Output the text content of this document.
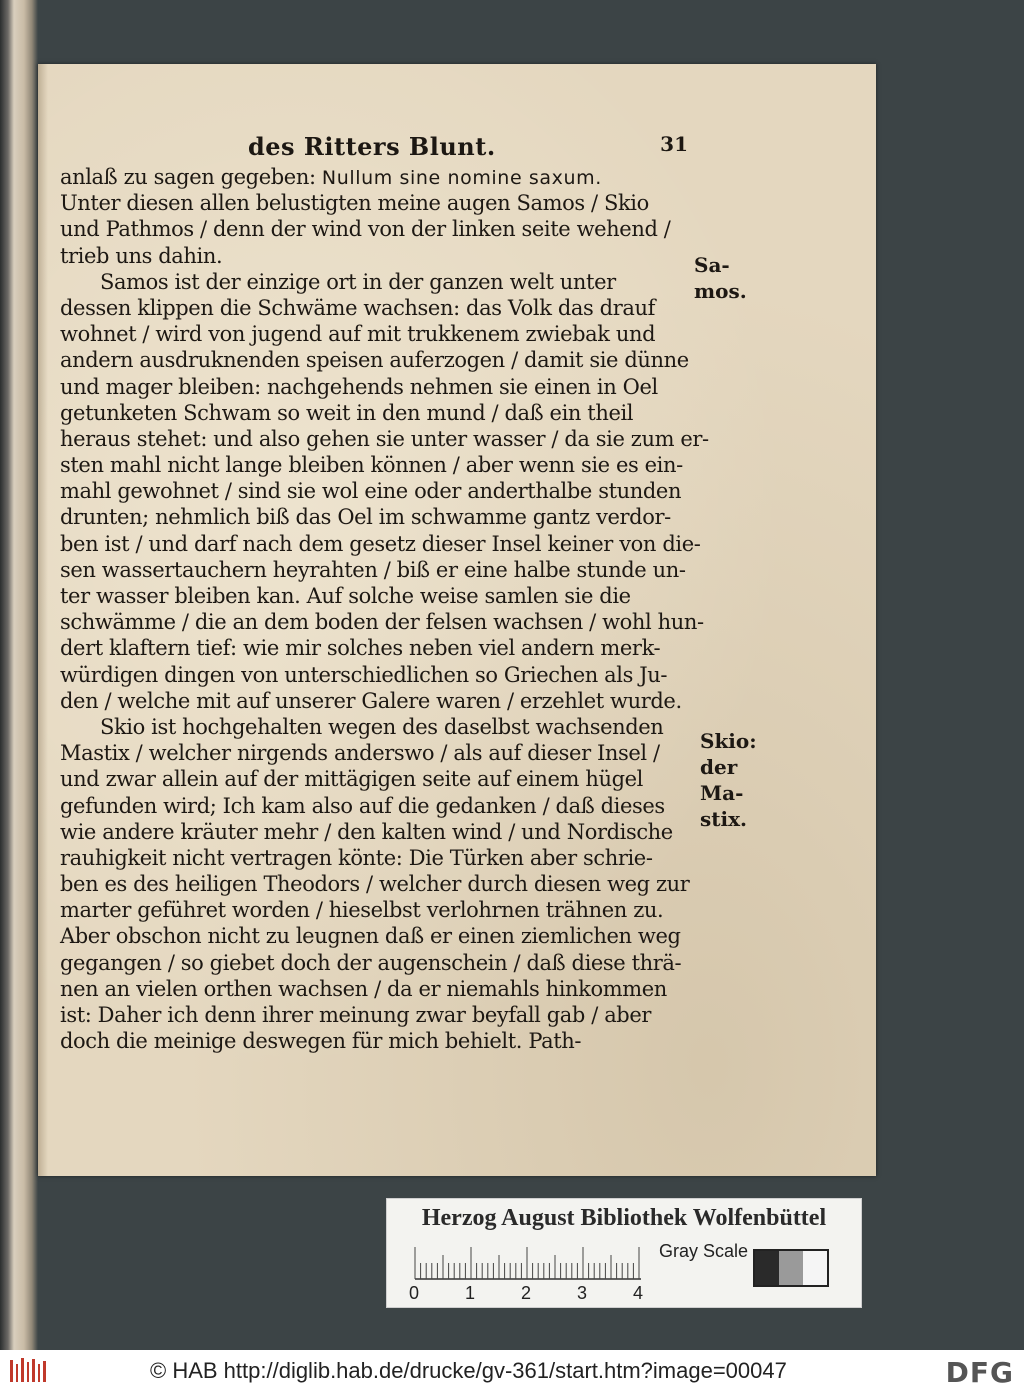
des Ritters Blunt.	31
anlaß zu sagen gegeben: Nullum sine nomine saxum.
Unter diesen allen belustigten meine augen Samos / Skio
und Pathmos / denn der wind von der linken seite wehend /
trieb uns dahin.
Samos ist der einzige ort in der ganzen welt unter
dessen klippen die Schwäme wachsen: das Volk das drauf
wohnet / wird von jugend auf mit trukkenem zwiebak und
andern ausdruknenden speisen auferzogen / damit sie dünne
und mager bleiben: nachgehends nehmen sie einen in Oel
getunketen Schwam so weit in den mund / daß ein theil
heraus stehet: und also gehen sie unter wasser / da sie zum er-
sten mahl nicht lange bleiben können / aber wenn sie es ein-
mahl gewohnet / sind sie wol eine oder anderthalbe stunden
drunten; nehmlich biß das Oel im schwamme gantz verdor-
ben ist / und darf nach dem gesetz dieser Insel keiner von die-
sen wassertauchern heyrahten / biß er eine halbe stunde un-
ter wasser bleiben kan. Auf solche weise samlen sie die
schwämme / die an dem boden der felsen wachsen / wohl hun-
dert klaftern tief: wie mir solches neben viel andern merk-
würdigen dingen von unterschiedlichen so Griechen als Ju-
den / welche mit auf unserer Galere waren / erzehlet wurde.
Skio ist hochgehalten wegen des daselbst wachsenden
Mastix / welcher nirgends anderswo / als auf dieser Insel /
und zwar allein auf der mittägigen seite auf einem hügel
gefunden wird; Ich kam also auf die gedanken / daß dieses
wie andere kräuter mehr / den kalten wind / und Nordische
rauhigkeit nicht vertragen könte: Die Türken aber schrie-
ben es des heiligen Theodors / welcher durch diesen weg zur
marter geführet worden / hieselbst verlohrnen trähnen zu.
Aber obschon nicht zu leugnen daß er einen ziemlichen weg
gegangen / so giebet doch der augenschein / daß diese thrä-
nen an vielen orthen wachsen / da er niemahls hinkommen
ist: Daher ich denn ihrer meinung zwar beyfall gab / aber
doch die meinige deswegen für mich behielt. Path-
Sa-
mos.
Skio:
der
Ma-
stix.
Herzog August Bibliothek Wolfenbüttel
0	1	2	3	4
Gray Scale
© HAB http://diglib.hab.de/drucke/gv-361/start.htm?image=00047	DFG
